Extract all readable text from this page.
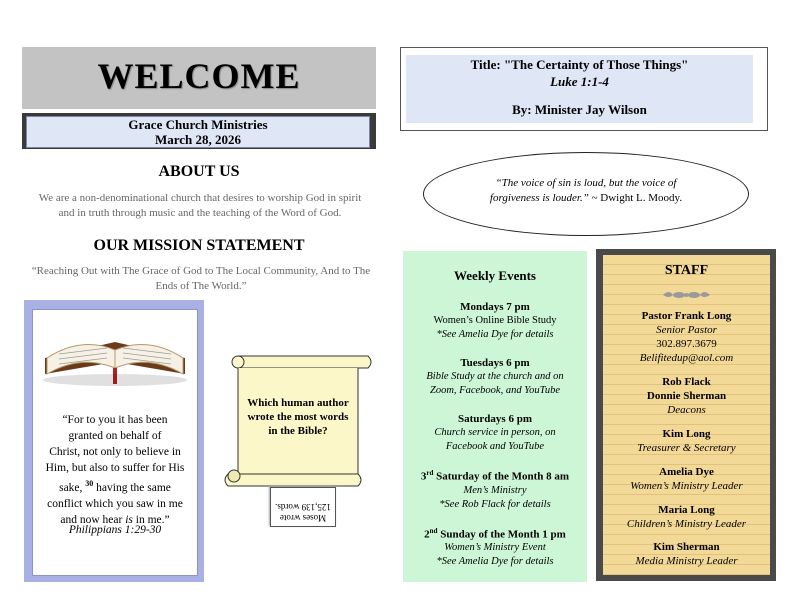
WELCOME
Grace Church Ministries
March 28, 2026
ABOUT US
We are a non-denominational church that desires to worship God in spirit and in truth through music and the teaching of the Word of God.
OUR MISSION STATEMENT
“Reaching Out with The Grace of God to The Local Community, And to The Ends of The World.”
Title: "The Certainty of Those Things"
Luke 1:1-4
By: Minister Jay Wilson
“The voice of sin is loud, but the voice of
forgiveness is louder.” ~ Dwight L. Moody.
“For to you it has been
granted on behalf of
Christ, not only to believe in
Him, but also to suffer for His
sake, $^{30}$ having the same
conflict which you saw in me
and now hear is in me.”
Philippians 1:29-30
Which human author wrote the most words in the Bible?
Moses wrote 125,139 words.
Weekly Events
Mondays 7 pm
Women’s Online Bible Study
*See Amelia Dye for details
Tuesdays 6 pm
Bible Study at the church and on
Zoom, Facebook, and YouTube
Saturdays 6 pm
Church service in person, on
Facebook and YouTube
3rd Saturday of the Month 8 am
Men’s Ministry
*See Rob Flack for details
2nd Sunday of the Month 1 pm
Women’s Ministry Event
*See Amelia Dye for details
STAFF
Pastor Frank Long
Senior Pastor
302.897.3679
Belifitedup@aol.com
Rob Flack
Donnie Sherman
Deacons
Kim Long
Treasurer & Secretary
Amelia Dye
Women’s Ministry Leader
Maria Long
Children’s Ministry Leader
Kim Sherman
Media Ministry Leader
